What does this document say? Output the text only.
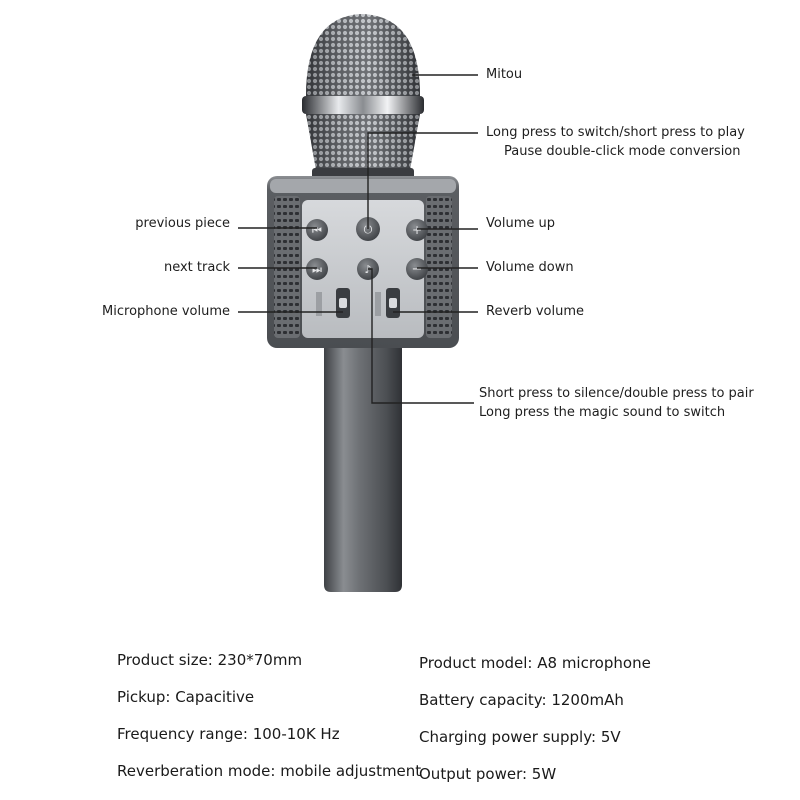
⏮	⏻	+
⏭	♪	−
Mitou
Long press to switch/short press to play
Pause double-click mode conversion
previous piece
next track
Microphone volume
Volume up
Volume down
Reverb volume
Short press to silence/double press to pair
Long press the magic sound to switch
Product size: 230*70mm
Pickup: Capacitive
Frequency range: 100-10K Hz
Reverberation mode: mobile adjustment
Product model: A8 microphone
Battery capacity: 1200mAh
Charging power supply: 5V
Output power: 5W
